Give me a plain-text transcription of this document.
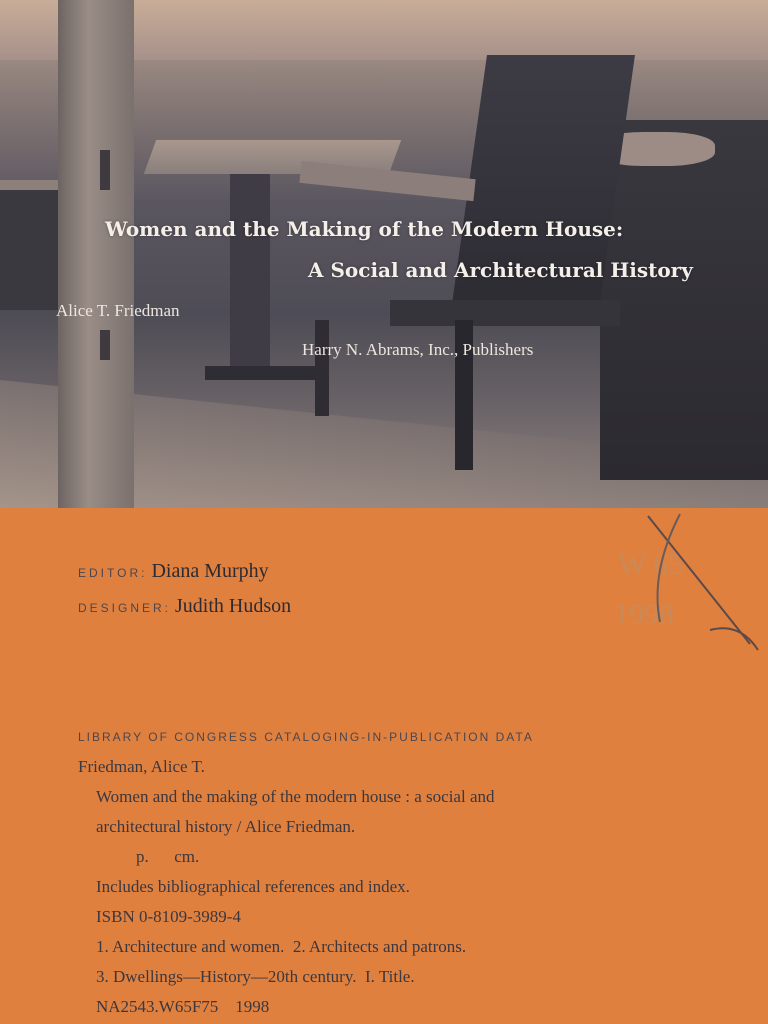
Women and the Making of the Modern House:
A Social and Architectural History
Alice T. Friedman
Harry N. Abrams, Inc., Publishers
EDITOR: Diana Murphy
DESIGNER: Judith Hudson
W 65
1998
LIBRARY OF CONGRESS CATALOGING-IN-PUBLICATION DATA
Friedman, Alice T.
Women and the making of the modern house : a social and
architectural history / Alice Friedman.
p.      cm.
Includes bibliographical references and index.
ISBN 0-8109-3989-4
1. Architecture and women.  2. Architects and patrons.
3. Dwellings—History—20th century.  I. Title.
NA2543.W65F75    1998
